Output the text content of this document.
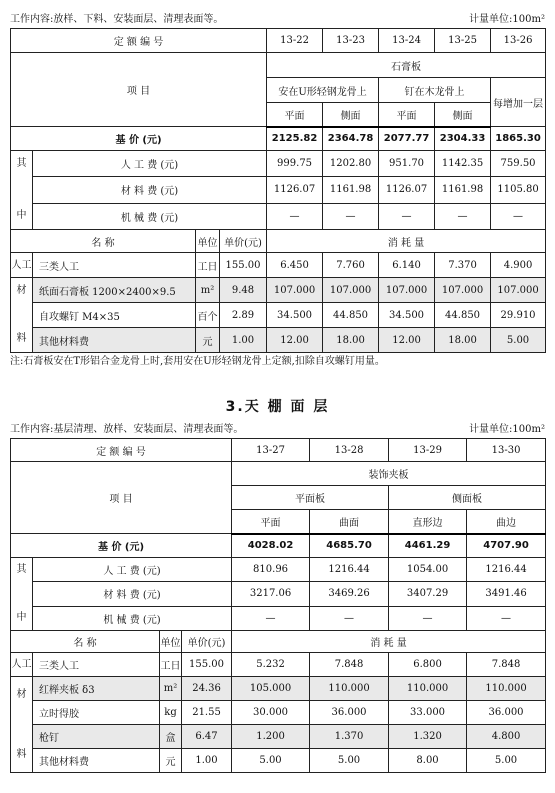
工作内容:放样、下料、安装面层、清理表面等。	计量单位:100m²
定 额 编 号				13-22	13-23	13-24	13-25	13-26
项 目				石膏板				
				安在U形轻钢龙骨上		钉在木龙骨上		每增加一层
				平面	侧面	平面	侧面	
基 价 (元)				2125.82	2364.78	2077.77	2304.33	1865.30
其

中	人 工 费 (元)			999.75	1202.80	951.70	1142.35	759.50
	材 料 费 (元)			1126.07	1161.98	1126.07	1161.98	1105.80
	机 械 费 (元)			—	—	—	—	—
名 称		单位	单价(元)	消 耗 量				
人工	三类人工	工日	155.00	6.450	7.760	6.140	7.370	4.900
材

料	纸面石膏板 1200×2400×9.5	m²	9.48	107.000	107.000	107.000	107.000	107.000
	自攻螺钉 M4×35	百个	2.89	34.500	44.850	34.500	44.850	29.910
	其他材料费	元	1.00	12.00	18.00	12.00	18.00	5.00
注:石膏板安在T形铝合金龙骨上时,套用安在U形轻钢龙骨上定额,扣除自攻螺钉用量。
3.天 棚 面 层
工作内容:基层清理、放样、安装面层、清理表面等。	计量单位:100m²
定 额 编 号				13-27	13-28	13-29	13-30
项 目				装饰夹板			
				平面板		侧面板	
				平面	曲面	直形边	曲边
基 价 (元)				4028.02	4685.70	4461.29	4707.90
其

中	人 工 费 (元)			810.96	1216.44	1054.00	1216.44
	材 料 费 (元)			3217.06	3469.26	3407.29	3491.46
	机 械 费 (元)			—	—	—	—
名 称		单位	单价(元)	消 耗 量			
人工	三类人工	工日	155.00	5.232	7.848	6.800	7.848
材

料	红榉夹板 δ3	m²	24.36	105.000	110.000	110.000	110.000
	立时得胶	kg	21.55	30.000	36.000	33.000	36.000
	枪钉	盒	6.47	1.200	1.370	1.320	4.800
	其他材料费	元	1.00	5.00	5.00	8.00	5.00
